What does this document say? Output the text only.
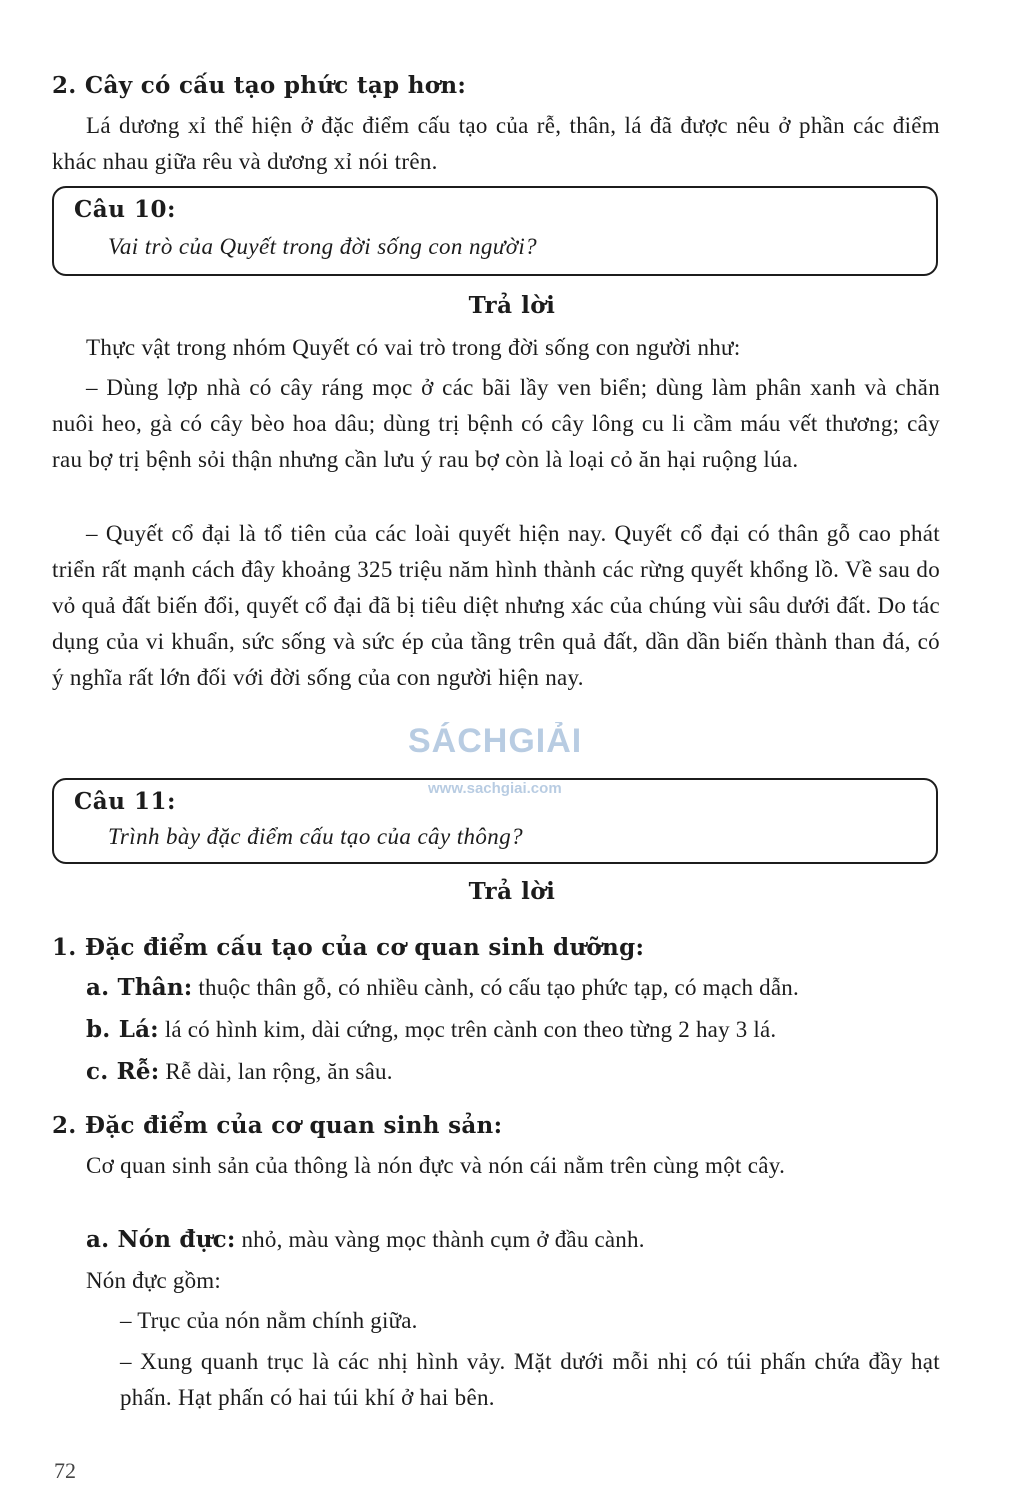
2. Cây có cấu tạo phức tạp hơn:
Lá dương xỉ thể hiện ở đặc điểm cấu tạo của rễ, thân, lá đã được nêu ở phần các điểm khác nhau giữa rêu và dương xỉ nói trên.
Câu 10:
Vai trò của Quyết trong đời sống con người?
Trả lời
Thực vật trong nhóm Quyết có vai trò trong đời sống con người như:
– Dùng lợp nhà có cây ráng mọc ở các bãi lầy ven biển; dùng làm phân xanh và chăn nuôi heo, gà có cây bèo hoa dâu; dùng trị bệnh có cây lông cu li cầm máu vết thương; cây rau bợ trị bệnh sỏi thận nhưng cần lưu ý rau bợ còn là loại cỏ ăn hại ruộng lúa.
– Quyết cổ đại là tổ tiên của các loài quyết hiện nay. Quyết cổ đại có thân gỗ cao phát triển rất mạnh cách đây khoảng 325 triệu năm hình thành các rừng quyết khổng lồ. Về sau do vỏ quả đất biến đổi, quyết cổ đại đã bị tiêu diệt nhưng xác của chúng vùi sâu dưới đất. Do tác dụng của vi khuẩn, sức sống và sức ép của tầng trên quả đất, dần dần biến thành than đá, có ý nghĩa rất lớn đối với đời sống của con người hiện nay.
SÁCHGIẢI
www.sachgiai.com
Câu 11:
Trình bày đặc điểm cấu tạo của cây thông?
Trả lời
1. Đặc điểm cấu tạo của cơ quan sinh dưỡng:
a. Thân: thuộc thân gỗ, có nhiều cành, có cấu tạo phức tạp, có mạch dẫn.
b. Lá: lá có hình kim, dài cứng, mọc trên cành con theo từng 2 hay 3 lá.
c. Rễ: Rễ dài, lan rộng, ăn sâu.
2. Đặc điểm của cơ quan sinh sản:
Cơ quan sinh sản của thông là nón đực và nón cái nằm trên cùng một cây.
a. Nón đực: nhỏ, màu vàng mọc thành cụm ở đầu cành.
Nón đực gồm:
– Trục của nón nằm chính giữa.
– Xung quanh trục là các nhị hình vảy. Mặt dưới mỗi nhị có túi phấn chứa đầy hạt phấn. Hạt phấn có hai túi khí ở hai bên.
72
